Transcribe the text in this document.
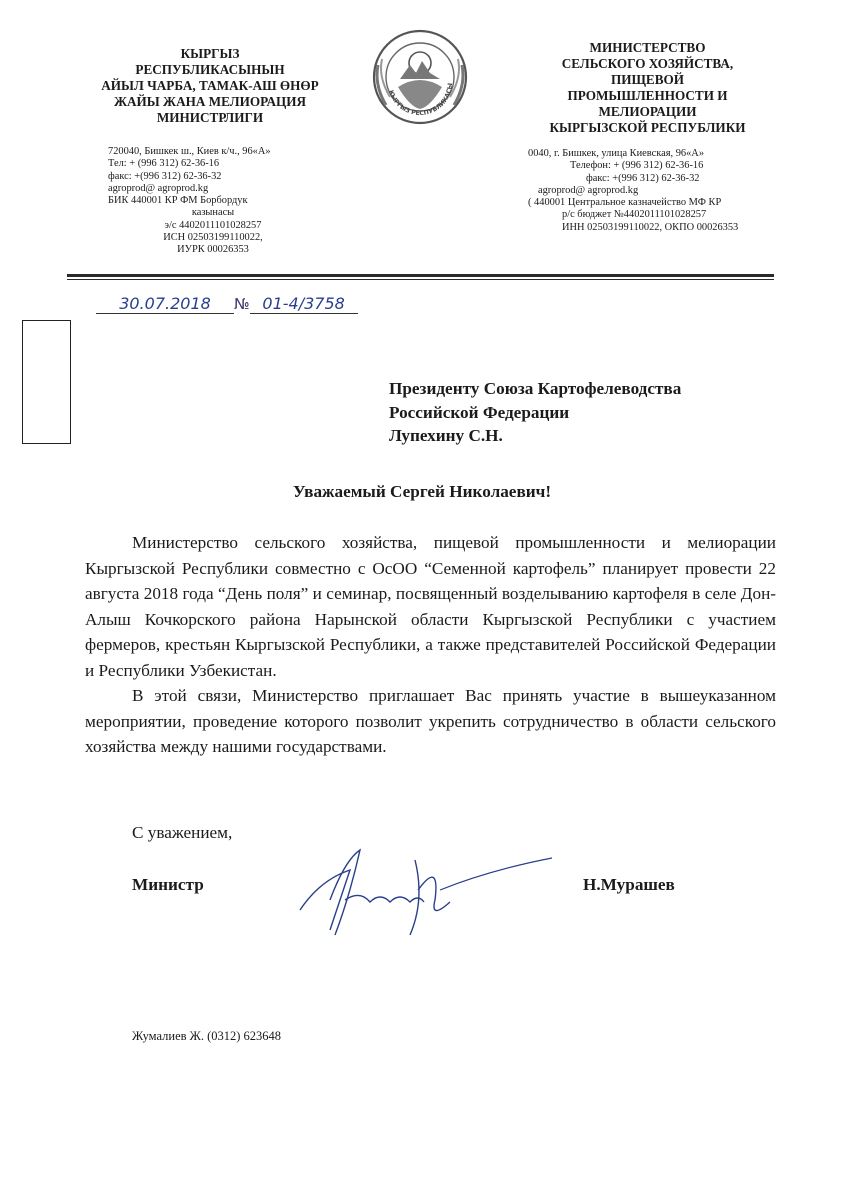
КЫРГЫЗ
РЕСПУБЛИКАСЫНЫН
АЙЫЛ ЧАРБА, ТАМАК-АШ ӨНӨР
ЖАЙЫ ЖАНА МЕЛИОРАЦИЯ
МИНИСТРЛИГИ
720040, Бишкек ш., Киев к/ч., 96«А»
Тел: + (996 312) 62-36-16
факс: +(996 312) 62-36-32
agroprod@ agroprod.kg
БИК 440001 КР ФМ Борбордук
казынасы
э/с 4402011101028257
ИСН 02503199110022,
ИУРК 00026353
КЫРГЫЗ РЕСПУБЛИКАСЫ
МИНИСТЕРСТВО
СЕЛЬСКОГО ХОЗЯЙСТВА,
ПИЩЕВОЙ
ПРОМЫШЛЕННОСТИ И
МЕЛИОРАЦИИ
КЫРГЫЗСКОЙ РЕСПУБЛИКИ
0040, г. Бишкек, улица Киевская, 96«А»
Телефон: + (996 312) 62-36-16
факс: +(996 312) 62-36-32
agroprod@ agroprod.kg
( 440001 Центральное казначейство МФ КР
р/с бюджет №4402011101028257
ИНН 02503199110022, ОКПО 00026353
30.07.2018 № 01-4/3758
Президенту Союза Картофелеводства
Российской Федерации
Лупехину С.Н.
Уважаемый Сергей Николаевич!

Министерство сельского хозяйства, пищевой промышленности и мелиорации Кыргызской Республики совместно с ОсОО “Семенной картофель” планирует провести 22 августа 2018 года “День поля” и семинар, посвященный возделыванию картофеля в селе Дон-Алыш Кочкорского района Нарынской области Кыргызской Республики с участием фермеров, крестьян Кыргызской Республики, а также представителей Российской Федерации и Республики Узбекистан.

В этой связи, Министерство приглашает Вас принять участие в вышеуказанном мероприятии, проведение которого позволит укрепить сотрудничество в области сельского хозяйства между нашими государствами.

С уважением,
Министр	Н.Мурашев
Жумалиев Ж. (0312) 623648
